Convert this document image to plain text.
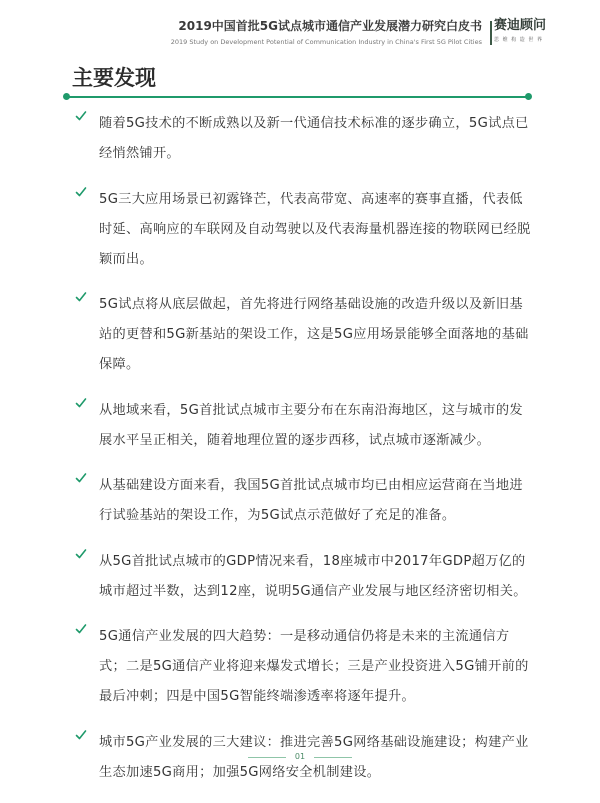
2019中国首批5G试点城市通信产业发展潜力研究白皮书
2019 Study on Development Potential of Communication Industry in China's First 5G Pilot Cities
赛迪顾问
思 维 构 造 世 界
主要发现
随着5G技术的不断成熟以及新一代通信技术标准的逐步确立，5G试点已经悄然铺开。
5G三大应用场景已初露锋芒，代表高带宽、高速率的赛事直播，代表低时延、高响应的车联网及自动驾驶以及代表海量机器连接的物联网已经脱颖而出。
5G试点将从底层做起，首先将进行网络基础设施的改造升级以及新旧基站的更替和5G新基站的架设工作，这是5G应用场景能够全面落地的基础保障。
从地域来看，5G首批试点城市主要分布在东南沿海地区，这与城市的发展水平呈正相关，随着地理位置的逐步西移，试点城市逐渐减少。
从基础建设方面来看，我国5G首批试点城市均已由相应运营商在当地进行试验基站的架设工作，为5G试点示范做好了充足的准备。
从5G首批试点城市的GDP情况来看，18座城市中2017年GDP超万亿的城市超过半数，达到12座，说明5G通信产业发展与地区经济密切相关。
5G通信产业发展的四大趋势：一是移动通信仍将是未来的主流通信方式；二是5G通信产业将迎来爆发式增长；三是产业投资进入5G铺开前的最后冲刺；四是中国5G智能终端渗透率将逐年提升。
城市5G产业发展的三大建议：推进完善5G网络基础设施建设；构建产业生态加速5G商用；加强5G网络安全机制建设。
01
